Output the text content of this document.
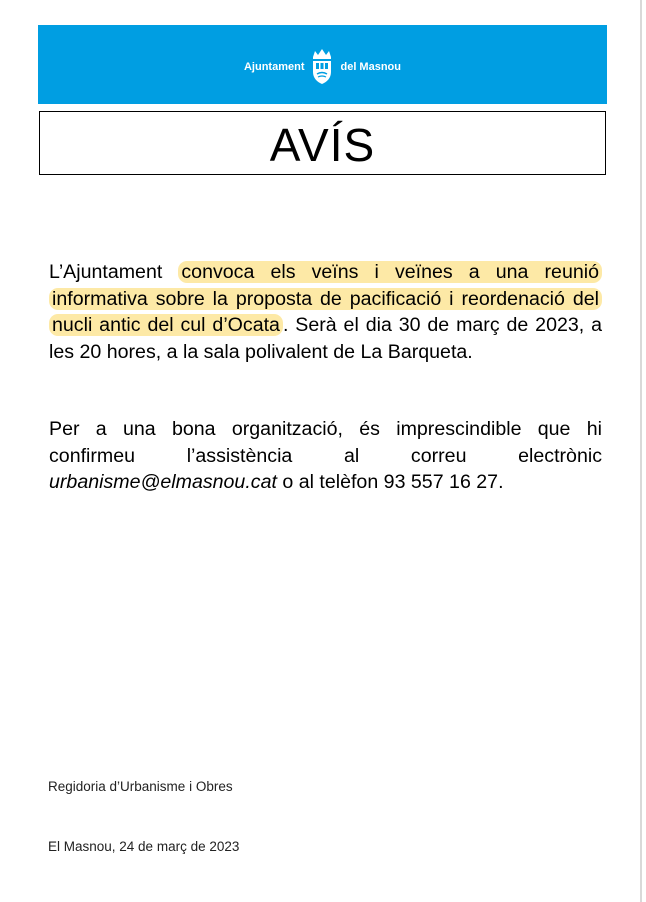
Ajuntament	del Masnou
AVÍS
L’Ajuntament convoca els veïns i veïnes a una reunió informativa sobre la proposta de pacificació i reordenació del nucli antic del cul d’Ocata . Serà el dia 30 de març de 2023, a les 20 hores, a la sala polivalent de La Barqueta.
Per a una bona organització, és imprescindible que hi confirmeu l’assistència al correu electrònic urbanisme@elmasnou.cat o al telèfon 93 557 16 27.
Regidoria d’Urbanisme i Obres
El Masnou, 24 de març de 2023
